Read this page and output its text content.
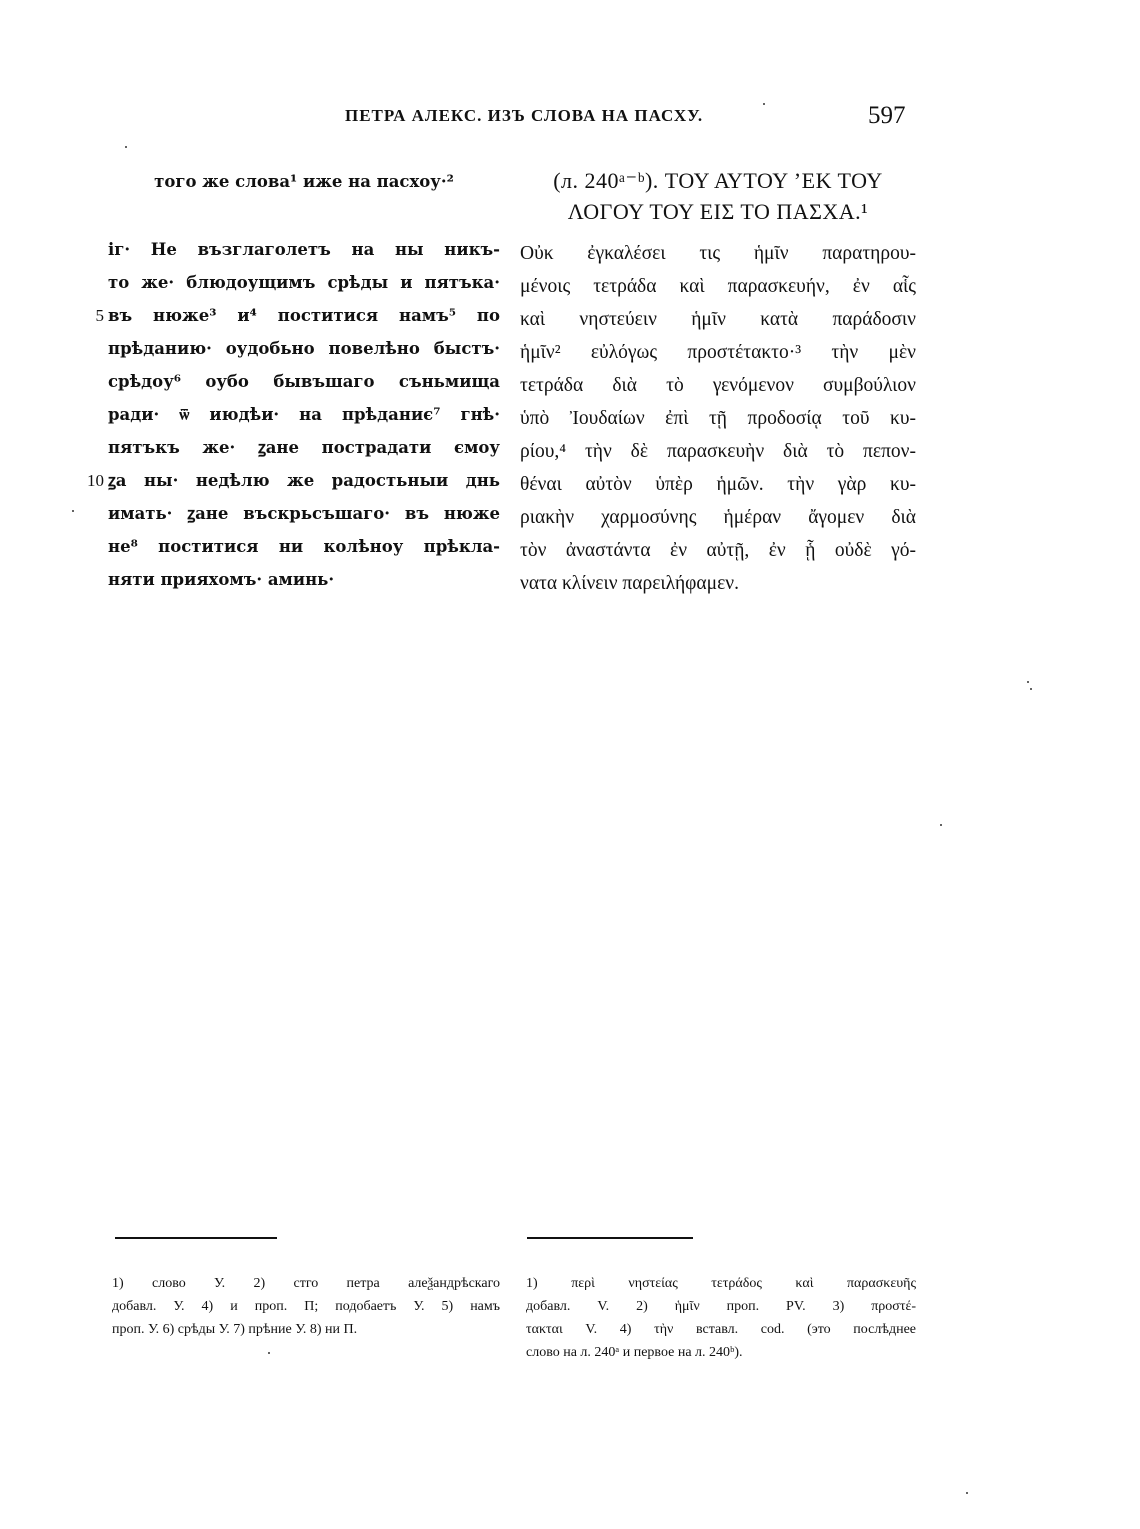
ПЕТРА АЛЕКС. ИЗЪ СЛОВА НА ПАСХУ.	597
того же слова¹ иже на пасхоу·²
іг· Не възглаголетъ на ны никъ-
то же· блюдоущимъ срѣды и пятъка·
5 въ нюже³ и⁴ поститися намъ⁵ по
прѣданию· оудобьно повелѣно быстъ·
срѣдоу⁶ оубо бывъшаго съньмища
ради· ѿ июдѣи· на прѣданиє⁷ гнѣ·
пятъкъ же· ꙁане пострадати ємоу
10 ꙁа ны· недѣлю же радостьныи днь
имать· ꙁане въскрьсъшаго· въ нюже
не⁸ поститися ни колѣноу прѣкла-
няти прияхомъ· аминь·
(л. 240ᵃ⁻ᵇ). ΤΟΥ ΑΥΤΟΥ ’ΕΚ ΤΟΥ
ΛΟΓΟΥ ΤΟΥ ΕΙΣ ΤΟ ΠΑΣΧΑ.¹
Οὐκ ἐγκαλέσει τις ἡμῖν παρατηρου-
μένοις τετράδα καὶ παρασκευήν, ἐν αἷς
καὶ νηστεύειν ἡμῖν κατὰ παράδοσιν
ἡμῖν² εὐλόγως προστέτακτο·³ τὴν μὲν
τετράδα διὰ τὸ γενόμενον συμβούλιον
ὑπὸ Ἰουδαίων ἐπὶ τῇ προδοσίᾳ τοῦ κυ-
ρίου,⁴ τὴν δὲ παρασκευὴν διὰ τὸ πεπον-
θέναι αὐτὸν ὑπὲρ ἡμῶν. τὴν γὰρ κυ-
ριακὴν χαρμοσύνης ἡμέραν ἄγομεν διὰ
τὸν ἀναστάντα ἐν αὐτῇ, ἐν ᾗ οὐδὲ γό-
νατα κλίνειν παρειλήφαμεν.
1) слово У. 2) стго петра алеѯандрѣскаго
добавл. У. 4) и проп. П; подобаетъ У. 5) намъ
проп. У. 6) срѣды У. 7) прѣние У. 8) ни П.
1) περὶ νηστείας τετράδος καὶ παρασκευῆς
добавл. V. 2) ἡμῖν проп. PV. 3) προστέ-
τακται V. 4) τὴν вставл. cod. (это послѣднее
слово на л. 240ᵃ и первое на л. 240ᵇ).
